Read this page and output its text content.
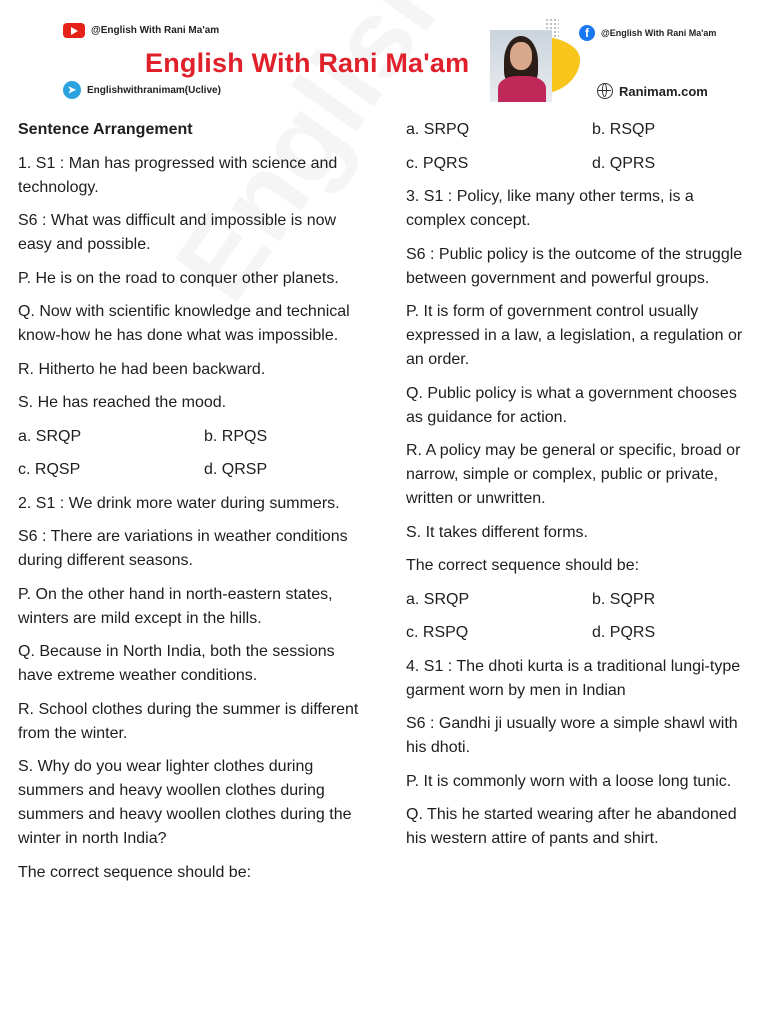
@English With Rani Ma'am
English With Rani Ma'am
➤	Englishwithranimam(Uclive)
f	@English With Rani Ma'am
Ranimam.com

Sentence Arrangement

1. S1 : Man has progressed with science and technology.

S6 : What was difficult and impossible is now easy and possible.

P. He is on the road to conquer other planets.

Q. Now with scientific knowledge and technical know-how he has done what was impossible.

R. Hitherto he had been backward.

S. He has reached the mood.

a. SRQP	b. RPQS
c. RQSP	d. QRSP

2. S1 : We drink more water during summers.

S6 : There are variations in weather conditions during different seasons.

P. On the other hand in north-eastern states, winters are mild except in the hills.

Q. Because in North India, both the sessions have extreme weather conditions.

R. School clothes during the summer is different from the winter.

S. Why do you wear lighter clothes during summers and heavy woollen clothes during summers and heavy woollen clothes during the winter in north India?

The correct sequence should be:

a. SRPQ	b. RSQP
c. PQRS	d. QPRS

3. S1 : Policy, like many other terms, is a complex concept.

S6 : Public policy is the outcome of the struggle between government and powerful groups.

P. It is form of government control usually expressed in a law, a legislation, a regulation or an order.

Q. Public policy is what a government chooses as guidance for action.

R. A policy may be general or specific, broad or narrow, simple or complex, public or private, written or unwritten.

S. It takes different forms.

The correct sequence should be:

a. SRQP	b. SQPR
c. RSPQ	d. PQRS

4. S1 : The dhoti kurta is a traditional lungi-type garment worn by men in Indian

S6 : Gandhi ji usually wore a simple shawl with his dhoti.

P. It is commonly worn with a loose long tunic.

Q. This he started wearing after he abandoned his western attire of pants and shirt.
